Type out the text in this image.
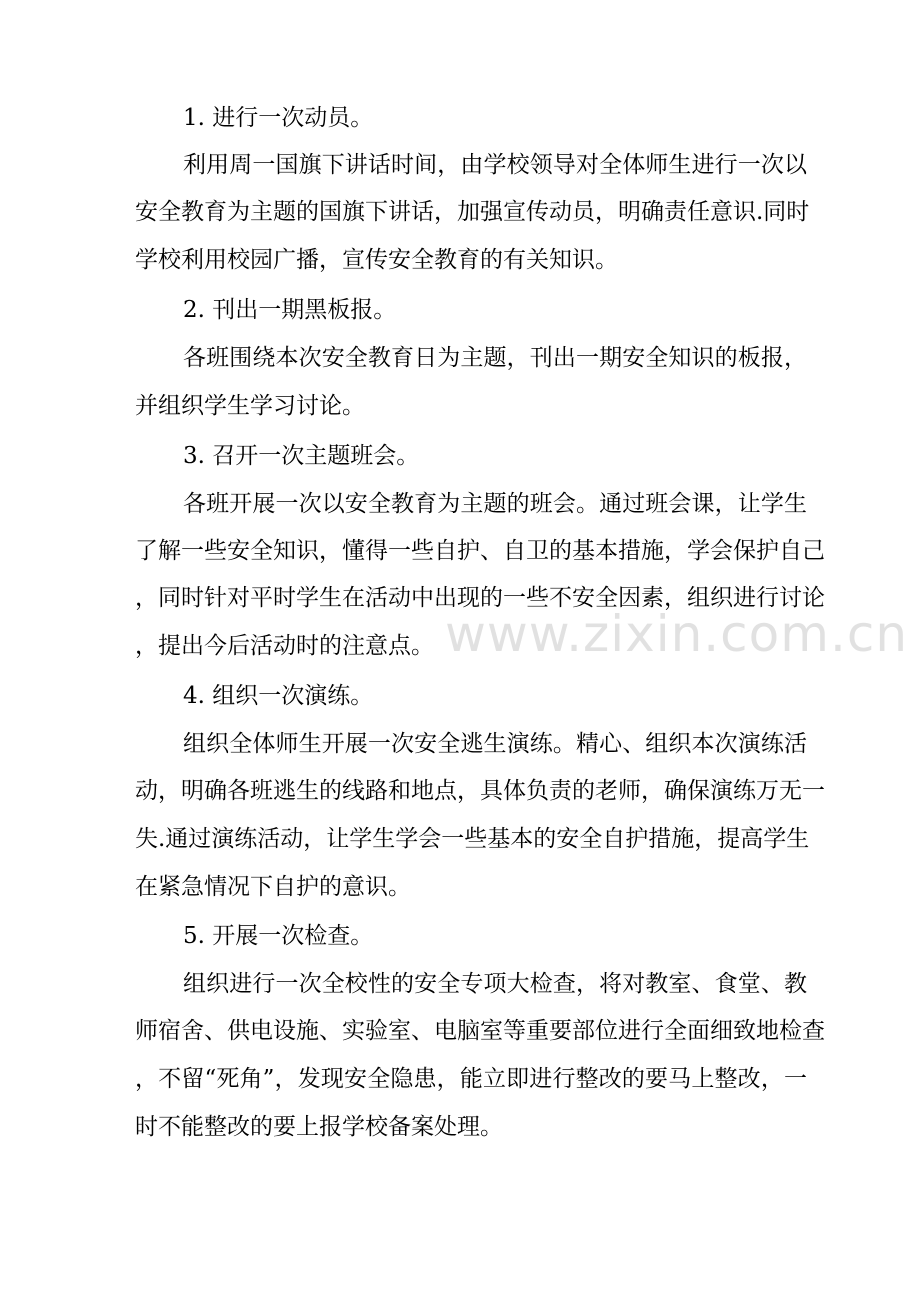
1. 进行一次动员。
利用周一国旗下讲话时间，由学校领导对全体师生进行一次以
安全教育为主题的国旗下讲话，加强宣传动员，明确责任意识.同时
学校利用校园广播，宣传安全教育的有关知识。
2. 刊出一期黑板报。
各班围绕本次安全教育日为主题，刊出一期安全知识的板报，
并组织学生学习讨论。
3. 召开一次主题班会。
各班开展一次以安全教育为主题的班会。通过班会课，让学生
了解一些安全知识，懂得一些自护、自卫的基本措施，学会保护自己
，同时针对平时学生在活动中出现的一些不安全因素，组织进行讨论
，提出今后活动时的注意点。
4. 组织一次演练。
组织全体师生开展一次安全逃生演练。精心、组织本次演练活
动，明确各班逃生的线路和地点，具体负责的老师，确保演练万无一
失.通过演练活动，让学生学会一些基本的安全自护措施，提高学生
在紧急情况下自护的意识。
5. 开展一次检查。
组织进行一次全校性的安全专项大检查，将对教室、食堂、教
师宿舍、供电设施、实验室、电脑室等重要部位进行全面细致地检查
，不留“死角”，发现安全隐患，能立即进行整改的要马上整改，一
时不能整改的要上报学校备案处理。
www.zixin.com.cn
